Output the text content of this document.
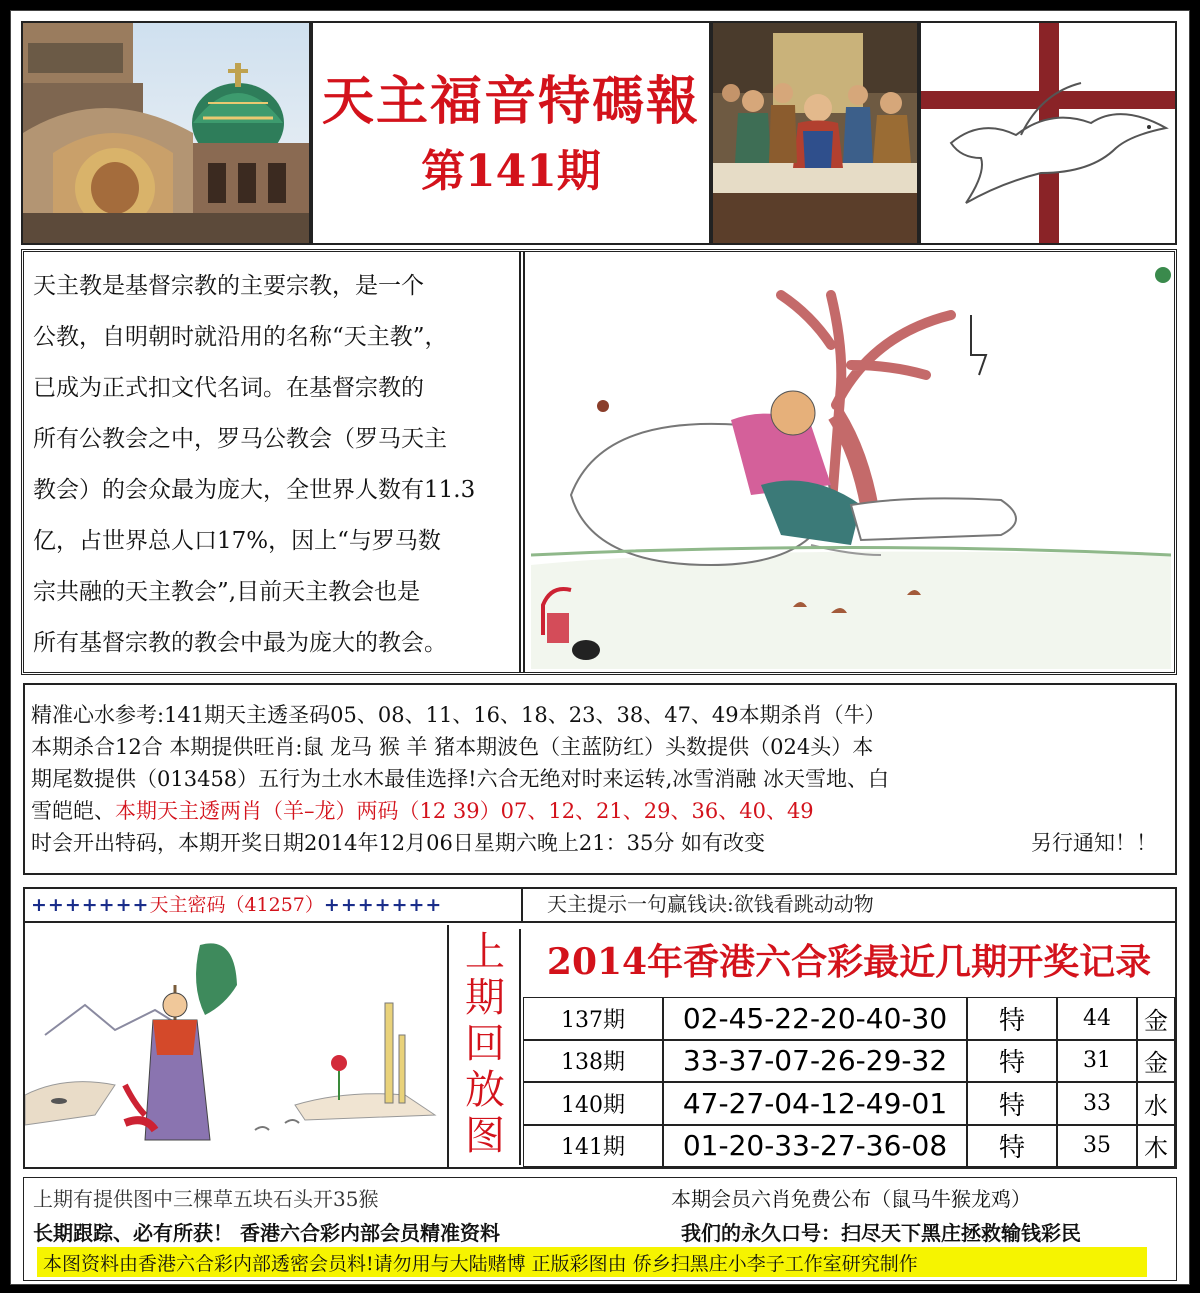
天主福音特碼報
第141期
天主教是基督宗教的主要宗教，是一个
公教，自明朝时就沿用的名称“天主教”，
已成为正式扣文代名词。在基督宗教的
所有公教会之中，罗马公教会（罗马天主
教会）的会众最为庞大，全世界人数有11.3
亿，占世界总人口17%，因上“与罗马数
宗共融的天主教会”,目前天主教会也是
所有基督宗教的教会中最为庞大的教会。
精准心水参考:141期天主透圣码05、08、11、16、18、23、38、47、49本期杀肖（牛）
本期杀合12合 本期提供旺肖:鼠 龙马 猴 羊 猪本期波色（主蓝防红）头数提供（024头）本
期尾数提供（013458）五行为土水木最佳选择!六合无绝对时来运转,冰雪消融 冰天雪地、白
雪皑皑、本期天主透两肖（羊–龙）两码（12 39）07、12、21、29、36、40、49
时会开出特码，本期开奖日期2014年12月06日星期六晚上21：35分 如有改变	另行通知！！
+++++++天主密码（41257）+++++++	天主提示一句赢钱诀:欲钱看跳动动物
上
期
回
放
图
2014年香港六合彩最近几期开奖记录
137期	02-45-22-20-40-30	特	44	金
138期	33-37-07-26-29-32	特	31	金
140期	47-27-04-12-49-01	特	33	水
141期	01-20-33-27-36-08	特	35	木
上期有提供图中三棵草五块石头开35猴	本期会员六肖免费公布（鼠马牛猴龙鸡）
长期跟踪、必有所获！ 香港六合彩内部会员精准资料	我们的永久口号：扫尽天下黑庄拯救输钱彩民
本图资料由香港六合彩内部透密会员料!请勿用与大陆赌博 正版彩图由 侨乡扫黑庄小李子工作室研究制作
